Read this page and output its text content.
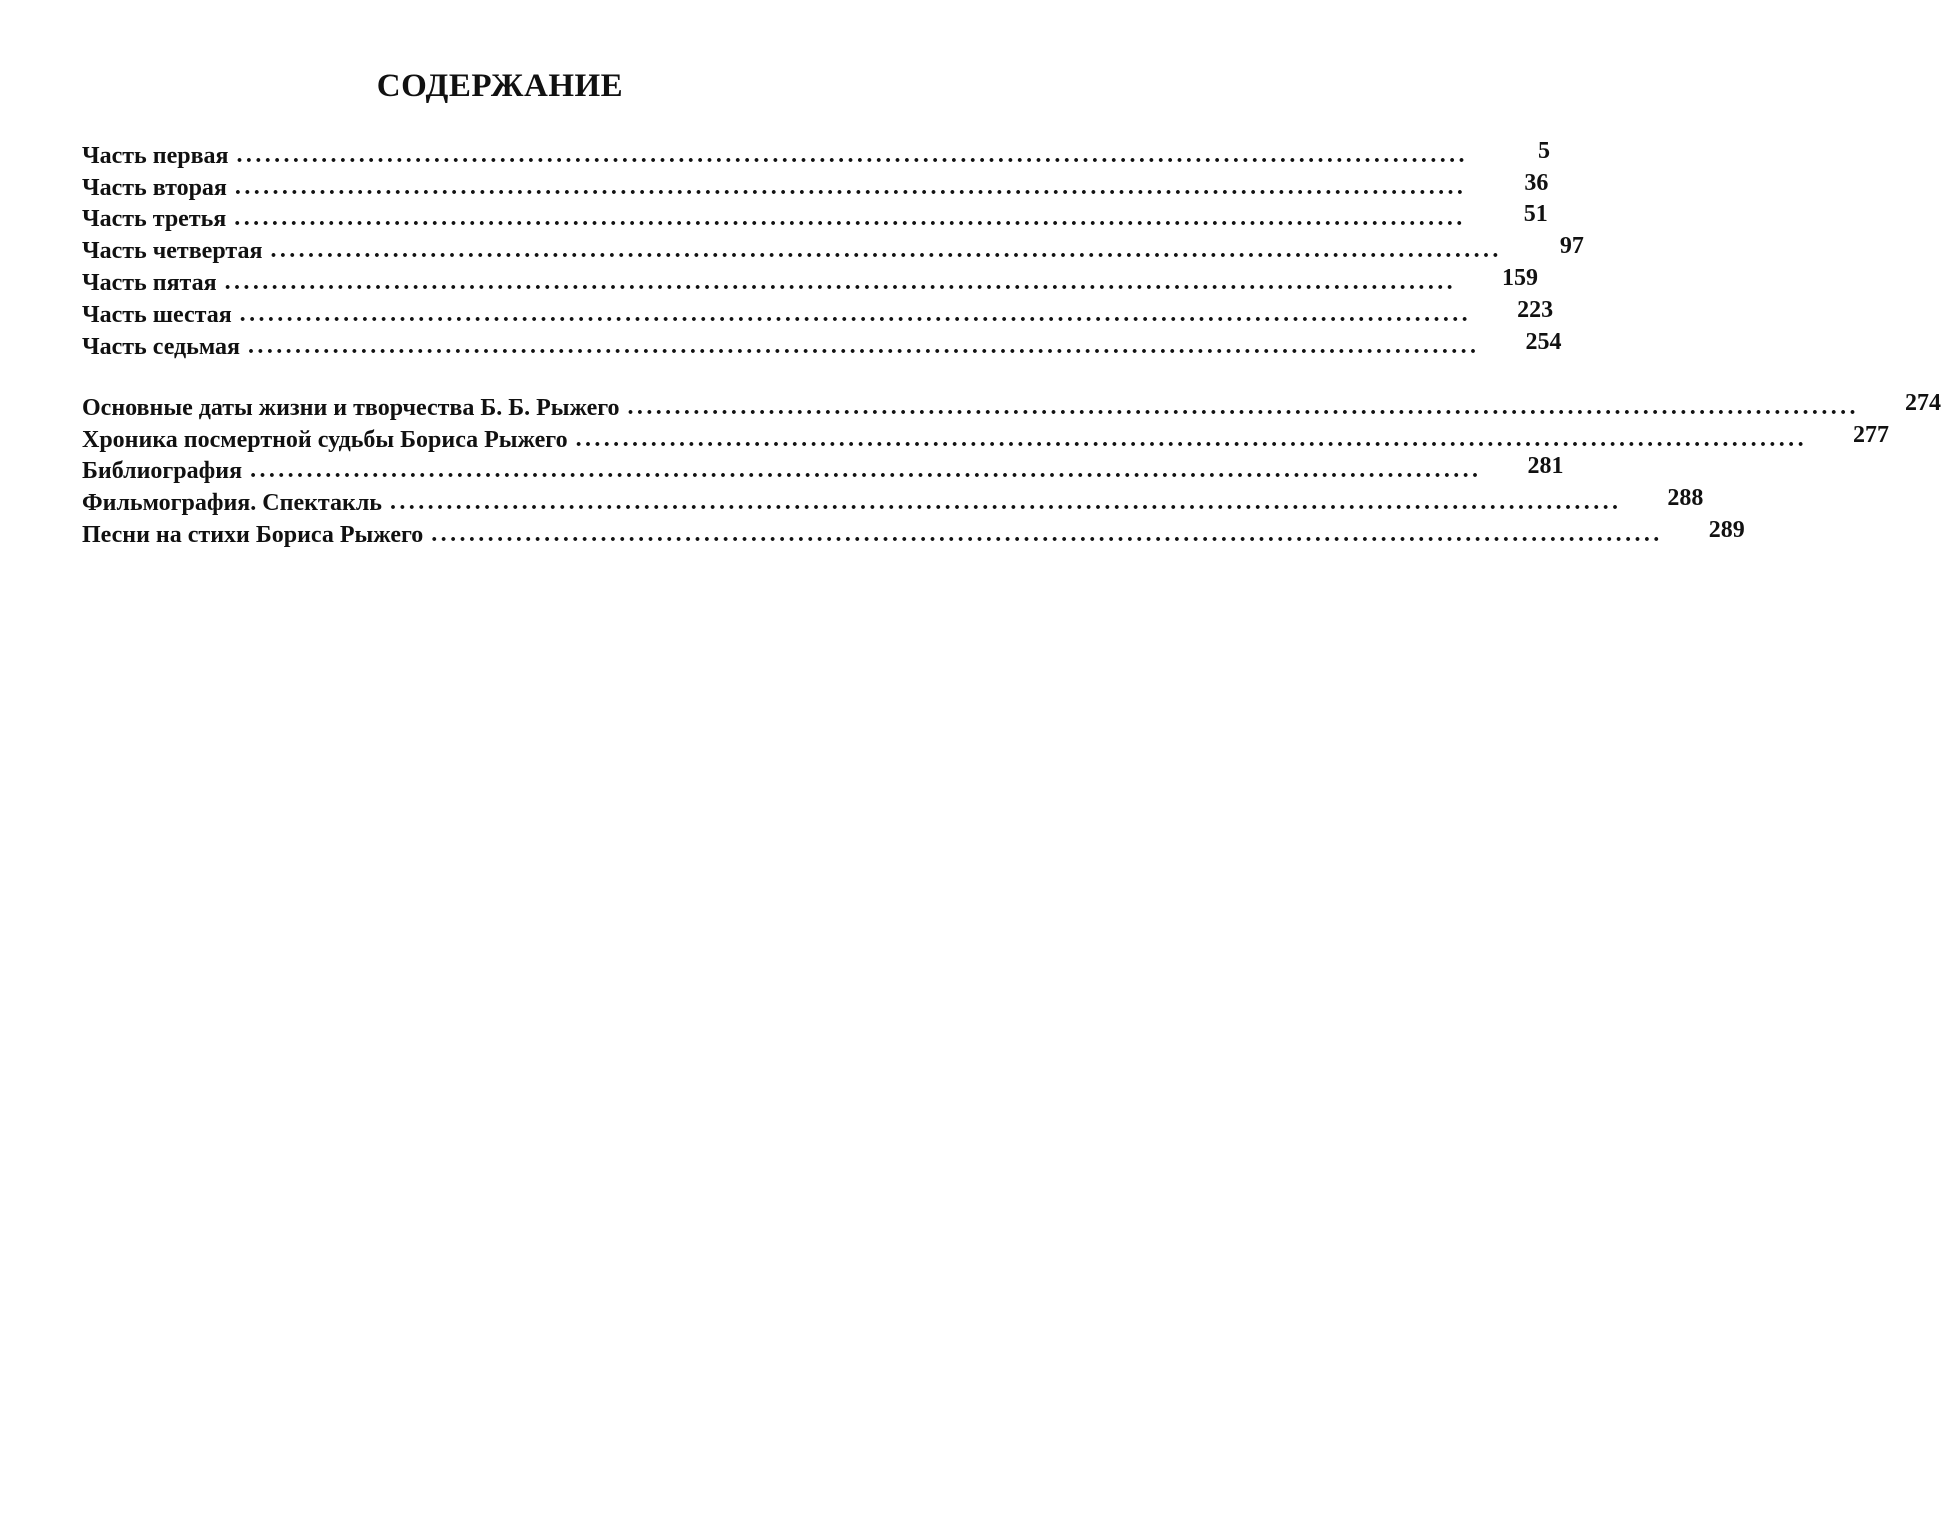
СОДЕРЖАНИЕ
Часть первая ...................................................................................................................................	5
Часть вторая ...................................................................................................................................	36
Часть третья ...................................................................................................................................	51
Часть четвертая ...................................................................................................................................	97
Часть пятая ...................................................................................................................................	159
Часть шестая ...................................................................................................................................	223
Часть седьмая ...................................................................................................................................	254
Основные даты жизни и творчества Б. Б. Рыжего ...................................................................................................................................	274
Хроника посмертной судьбы Бориса Рыжего ...................................................................................................................................	277
Библиография ...................................................................................................................................	281
Фильмография. Спектакль ...................................................................................................................................	288
Песни на стихи Бориса Рыжего ...................................................................................................................................	289
